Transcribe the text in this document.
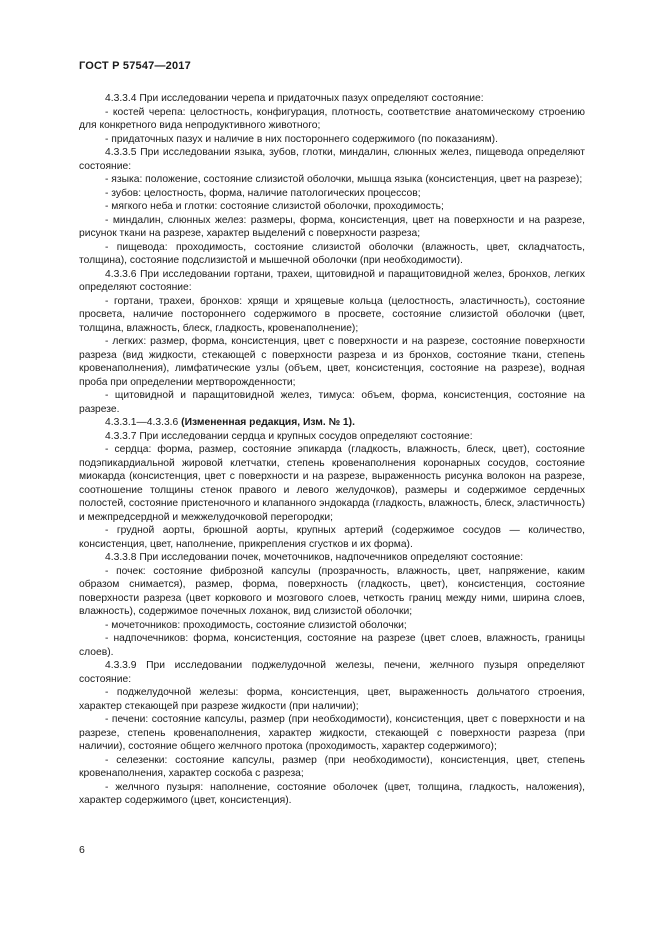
ГОСТ Р 57547—2017

4.3.3.4 При исследовании черепа и придаточных пазух определяют состояние:

- костей черепа: целостность, конфигурация, плотность, соответствие анатомическому строению для конкретного вида непродуктивного животного;

- придаточных пазух и наличие в них постороннего содержимого (по показаниям).

4.3.3.5 При исследовании языка, зубов, глотки, миндалин, слюнных желез, пищевода определяют состояние:

- языка: положение, состояние слизистой оболочки, мышца языка (консистенция, цвет на разрезе);

- зубов: целостность, форма, наличие патологических процессов;

- мягкого неба и глотки: состояние слизистой оболочки, проходимость;

- миндалин, слюнных желез: размеры, форма, консистенция, цвет на поверхности и на разрезе, рисунок ткани на разрезе, характер выделений с поверхности разреза;

- пищевода: проходимость, состояние слизистой оболочки (влажность, цвет, складчатость, толщина), состояние подслизистой и мышечной оболочки (при необходимости).

4.3.3.6 При исследовании гортани, трахеи, щитовидной и паращитовидной желез, бронхов, легких определяют состояние:

- гортани, трахеи, бронхов: хрящи и хрящевые кольца (целостность, эластичность), состояние просвета, наличие постороннего содержимого в просвете, состояние слизистой оболочки (цвет, толщина, влажность, блеск, гладкость, кровенаполнение);

- легких: размер, форма, консистенция, цвет с поверхности и на разрезе, состояние поверхности разреза (вид жидкости, стекающей с поверхности разреза и из бронхов, состояние ткани, степень кровенаполнения), лимфатические узлы (объем, цвет, консистенция, состояние на разрезе), водная проба при определении мертворожденности;

- щитовидной и паращитовидной желез, тимуса: объем, форма, консистенция, состояние на разрезе.

4.3.3.1—4.3.3.6 (Измененная редакция, Изм. № 1).

4.3.3.7 При исследовании сердца и крупных сосудов определяют состояние:

- сердца: форма, размер, состояние эпикарда (гладкость, влажность, блеск, цвет), состояние подэпикардиальной жировой клетчатки, степень кровенаполнения коронарных сосудов, состояние миокарда (консистенция, цвет с поверхности и на разрезе, выраженность рисунка волокон на разрезе, соотношение толщины стенок правого и левого желудочков), размеры и содержимое сердечных полостей, состояние пристеночного и клапанного эндокарда (гладкость, влажность, блеск, эластичность) и межпредсердной и межжелудочковой перегородки;

- грудной аорты, брюшной аорты, крупных артерий (содержимое сосудов — количество, консистенция, цвет, наполнение, прикрепления сгустков и их форма).

4.3.3.8 При исследовании почек, мочеточников, надпочечников определяют состояние:

- почек: состояние фиброзной капсулы (прозрачность, влажность, цвет, напряжение, каким образом снимается), размер, форма, поверхность (гладкость, цвет), консистенция, состояние поверхности разреза (цвет коркового и мозгового слоев, четкость границ между ними, ширина слоев, влажность), содержимое почечных лоханок, вид слизистой оболочки;

- мочеточников: проходимость, состояние слизистой оболочки;

- надпочечников: форма, консистенция, состояние на разрезе (цвет слоев, влажность, границы слоев).

4.3.3.9 При исследовании поджелудочной железы, печени, желчного пузыря определяют состояние:

- поджелудочной железы: форма, консистенция, цвет, выраженность дольчатого строения, характер стекающей при разрезе жидкости (при наличии);

- печени: состояние капсулы, размер (при необходимости), консистенция, цвет с поверхности и на разрезе, степень кровенаполнения, характер жидкости, стекающей с поверхности разреза (при наличии), состояние общего желчного протока (проходимость, характер содержимого);

- селезенки: состояние капсулы, размер (при необходимости), консистенция, цвет, степень кровенаполнения, характер соскоба с разреза;

- желчного пузыря: наполнение, состояние оболочек (цвет, толщина, гладкость, наложения), характер содержимого (цвет, консистенция).

6
